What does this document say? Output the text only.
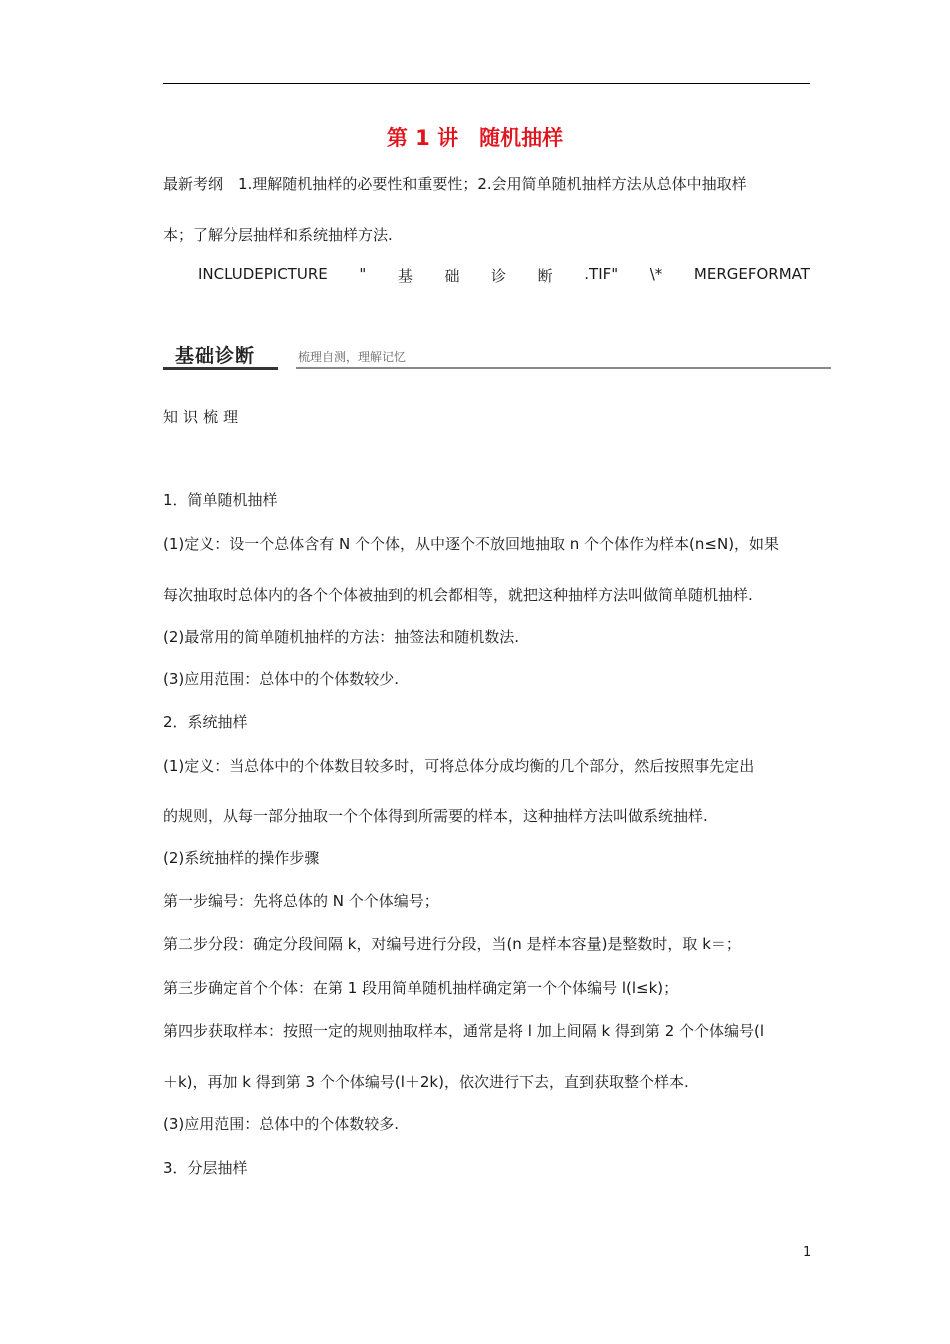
第 1 讲　随机抽样
最新考纲　1.理解随机抽样的必要性和重要性；2.会用简单随机抽样方法从总体中抽取样
本；了解分层抽样和系统抽样方法.
INCLUDEPICTURE " 基 础 诊 断 .TIF" \* MERGEFORMAT
基础诊断	梳理自测，理解记忆
知识梳理
1．简单随机抽样
(1)定义：设一个总体含有 N 个个体，从中逐个不放回地抽取 n 个个体作为样本(n≤N)，如果
每次抽取时总体内的各个个体被抽到的机会都相等，就把这种抽样方法叫做简单随机抽样.
(2)最常用的简单随机抽样的方法：抽签法和随机数法.
(3)应用范围：总体中的个体数较少.
2．系统抽样
(1)定义：当总体中的个体数目较多时，可将总体分成均衡的几个部分，然后按照事先定出
的规则，从每一部分抽取一个个体得到所需要的样本，这种抽样方法叫做系统抽样.
(2)系统抽样的操作步骤
第一步编号：先将总体的 N 个个体编号；
第二步分段：确定分段间隔 k，对编号进行分段，当(n 是样本容量)是整数时，取 k＝；
第三步确定首个个体：在第 1 段用简单随机抽样确定第一个个体编号 l(l≤k)；
第四步获取样本：按照一定的规则抽取样本，通常是将 l 加上间隔 k 得到第 2 个个体编号(l
＋k)，再加 k 得到第 3 个个体编号(l＋2k)，依次进行下去，直到获取整个样本.
(3)应用范围：总体中的个体数较多.
3．分层抽样
1
